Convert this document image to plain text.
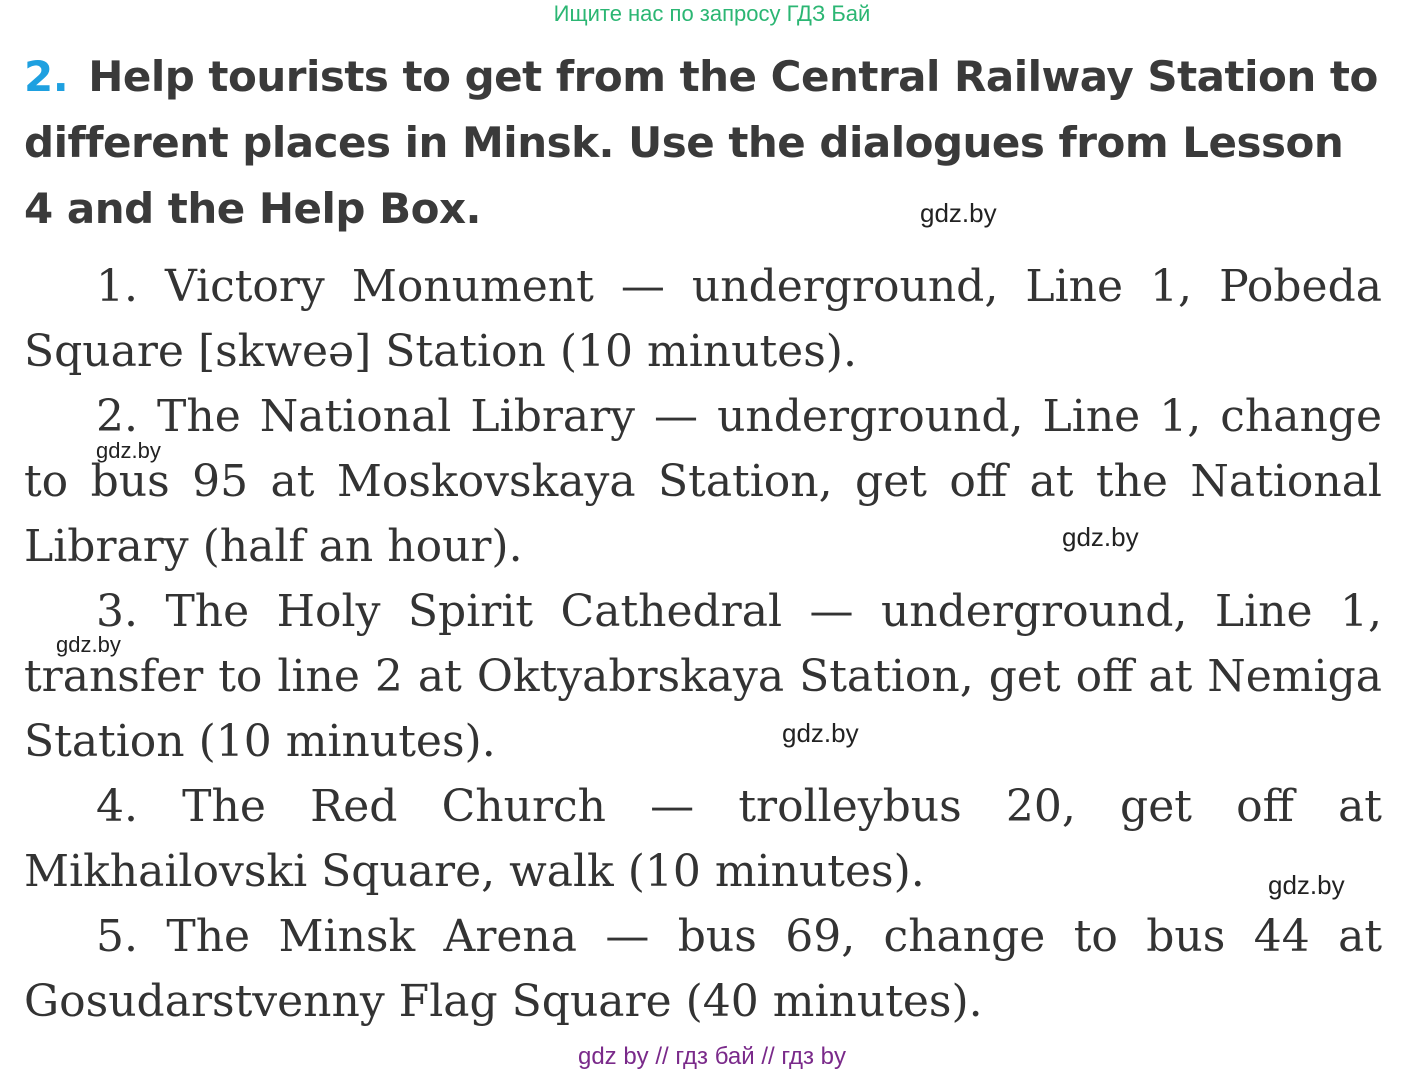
Ищите нас по запросу ГДЗ Бай
2. Help tourists to get from the Central Railway Station to different places in Minsk. Use the dialogues from Lesson 4 and the Help Box.

1. Victory Monument — underground, Line 1, Pobeda Square [skweə] Station (10 minutes).

2. The National Library — underground, Line 1, change to bus 95 at Moskovskaya Station, get off at the National Library (half an hour).

3. The Holy Spirit Cathedral — underground, Line 1, transfer to line 2 at Oktyabrskaya Station, get off at Nemiga Station (10 minutes).

4. The Red Church — trolleybus 20, get off at Mikhailovski Square, walk (10 minutes).

5. The Minsk Arena — bus 69, change to bus 44 at Gosudarstvenny Flag Square (40 minutes).

gdz.by
gdz.by
gdz.by
gdz.by
gdz.by
gdz.by
gdz by // гдз бай // гдз by
